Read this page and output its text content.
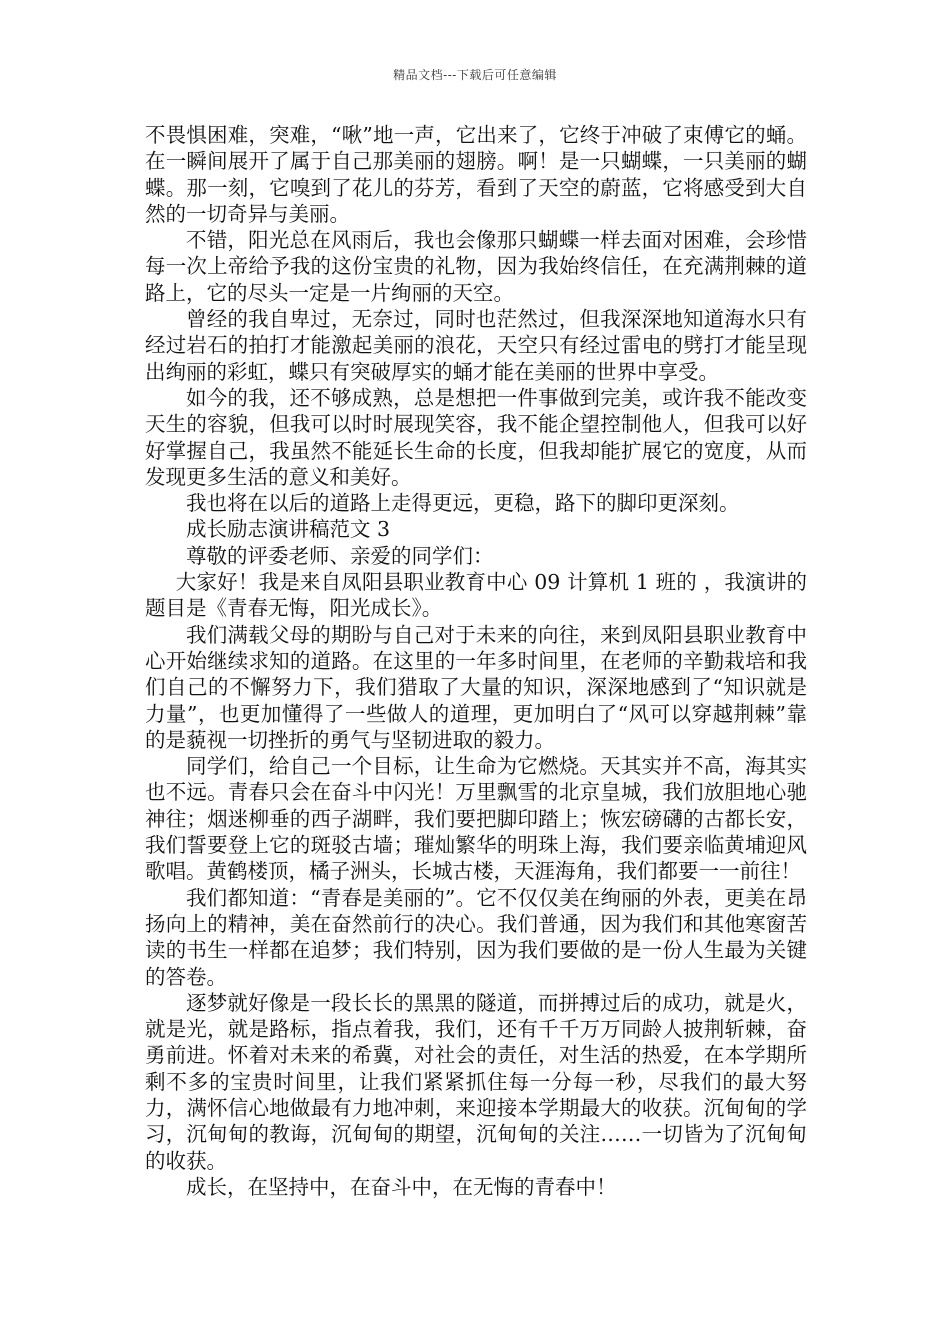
精品文档---下载后可任意编辑

不畏惧困难，突难，“啾”地一声，它出来了，它终于冲破了束傅它的蛹。在一瞬间展开了属于自己那美丽的翅膀。啊！是一只蝴蝶，一只美丽的蝴蝶。那一刻，它嗅到了花儿的芬芳，看到了天空的蔚蓝，它将感受到大自然的一切奇异与美丽。

不错，阳光总在风雨后，我也会像那只蝴蝶一样去面对困难，会珍惜每一次上帝给予我的这份宝贵的礼物，因为我始终信任，在充满荆棘的道路上，它的尽头一定是一片绚丽的天空。

曾经的我自卑过，无奈过，同时也茫然过，但我深深地知道海水只有经过岩石的拍打才能激起美丽的浪花，天空只有经过雷电的劈打才能呈现出绚丽的彩虹，蝶只有突破厚实的蛹才能在美丽的世界中享受。

如今的我，还不够成熟，总是想把一件事做到完美，或许我不能改变天生的容貌，但我可以时时展现笑容，我不能企望控制他人，但我可以好好掌握自己，我虽然不能延长生命的长度，但我却能扩展它的宽度，从而发现更多生活的意义和美好。

我也将在以后的道路上走得更远，更稳，路下的脚印更深刻。

成长励志演讲稿范文 3

尊敬的评委老师、亲爱的同学们：

大家好！我是来自凤阳县职业教育中心 09 计算机 1 班的 ，我演讲的题目是《青春无悔，阳光成长》。

我们满载父母的期盼与自己对于未来的向往，来到凤阳县职业教育中心开始继续求知的道路。在这里的一年多时间里，在老师的辛勤栽培和我们自己的不懈努力下，我们猎取了大量的知识，深深地感到了“知识就是力量”，也更加懂得了一些做人的道理，更加明白了“风可以穿越荆棘”靠的是藐视一切挫折的勇气与坚韧进取的毅力。

同学们，给自己一个目标，让生命为它燃烧。天其实并不高，海其实也不远。青春只会在奋斗中闪光！万里飘雪的北京皇城，我们放胆地心驰神往；烟迷柳垂的西子湖畔，我们要把脚印踏上；恢宏磅礴的古都长安，我们誓要登上它的斑驳古墙；璀灿繁华的明珠上海，我们要亲临黄埔迎风歌唱。黄鹤楼顶，橘子洲头，长城古楼，天涯海角，我们都要一一前往！

我们都知道：“青春是美丽的”。它不仅仅美在绚丽的外表，更美在昂扬向上的精神，美在奋然前行的决心。我们普通，因为我们和其他寒窗苦读的书生一样都在追梦；我们特别，因为我们要做的是一份人生最为关键的答卷。

逐梦就好像是一段长长的黑黑的隧道，而拼搏过后的成功，就是火，就是光，就是路标，指点着我，我们，还有千千万万同龄人披荆斩棘，奋勇前进。怀着对未来的希冀，对社会的责任，对生活的热爱，在本学期所剩不多的宝贵时间里，让我们紧紧抓住每一分每一秒，尽我们的最大努力，满怀信心地做最有力地冲刺，来迎接本学期最大的收获。沉甸甸的学习，沉甸甸的教诲，沉甸甸的期望，沉甸甸的关注……一切皆为了沉甸甸的收获。

成长，在坚持中，在奋斗中，在无悔的青春中！
